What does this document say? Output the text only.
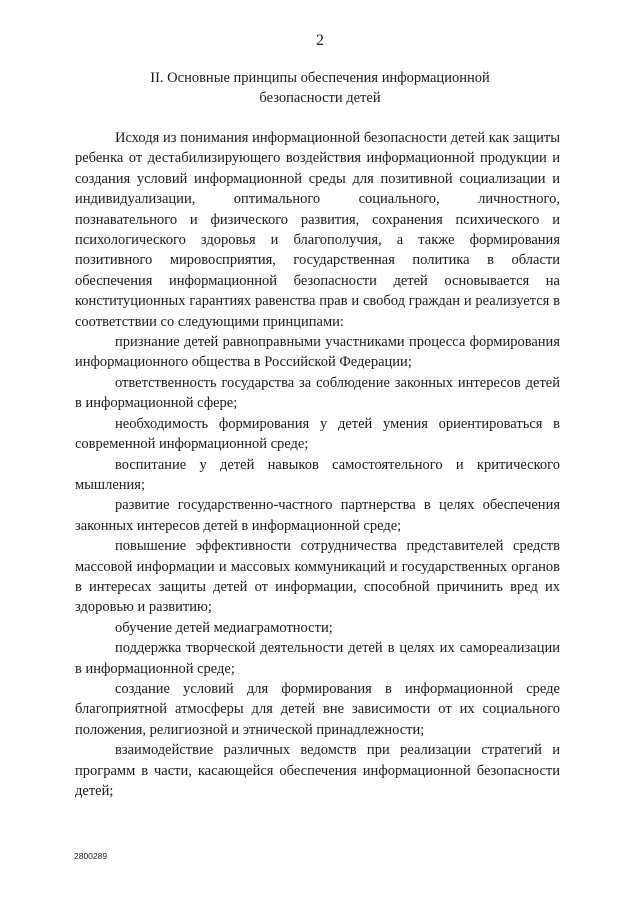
2
II. Основные принципы обеспечения информационной
безопасности детей

Исходя из понимания информационной безопасности детей как защиты ребенка от дестабилизирующего воздействия информационной продукции и создания условий информационной среды для позитивной социализации и индивидуализации, оптимального социального, личностного, познавательного и физического развития, сохранения психического и психологического здоровья и благополучия, а также формирования позитивного мировосприятия, государственная политика в области обеспечения информационной безопасности детей основывается на конституционных гарантиях равенства прав и свобод граждан и реализуется в соответствии со следующими принципами:

признание детей равноправными участниками процесса формирования информационного общества в Российской Федерации;

ответственность государства за соблюдение законных интересов детей в информационной сфере;

необходимость формирования у детей умения ориентироваться в современной информационной среде;

воспитание у детей навыков самостоятельного и критического мышления;

развитие государственно-частного партнерства в целях обеспечения законных интересов детей в информационной среде;

повышение эффективности сотрудничества представителей средств массовой информации и массовых коммуникаций и государственных органов в интересах защиты детей от информации, способной причинить вред их здоровью и развитию;

обучение детей медиаграмотности;

поддержка творческой деятельности детей в целях их самореализации в информационной среде;

создание условий для формирования в информационной среде благоприятной атмосферы для детей вне зависимости от их социального положения, религиозной и этнической принадлежности;

взаимодействие различных ведомств при реализации стратегий и программ в части, касающейся обеспечения информационной безопасности детей;

2800289
